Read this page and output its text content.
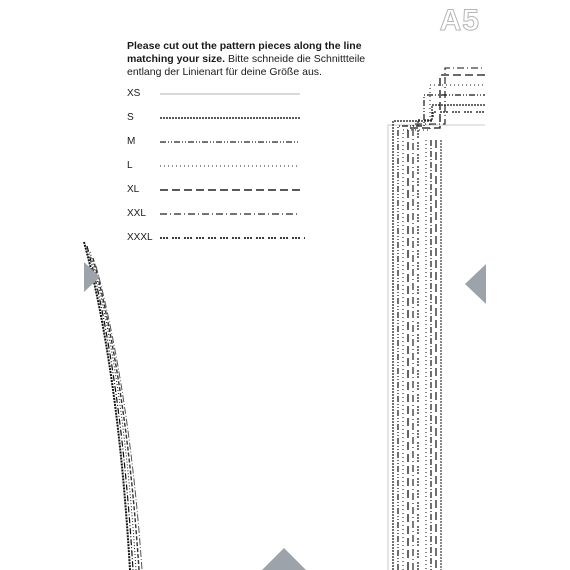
A5
Please cut out the pattern pieces along the line matching your size. Bitte schneide die Schnittteile entlang der Linienart für deine Größe aus.
XS
S
M
L
XL
XXL
XXXL
